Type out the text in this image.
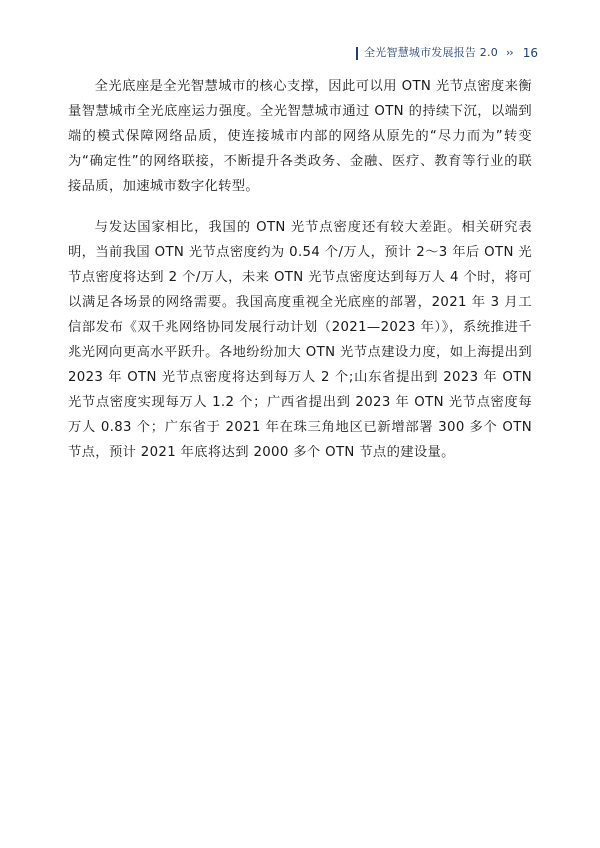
全光智慧城市发展报告 2.0 ›› 16

全光底座是全光智慧城市的核心支撑，因此可以用 OTN 光节点密度来衡量智慧城市全光底座运力强度。全光智慧城市通过 OTN 的持续下沉，以端到端的模式保障网络品质，使连接城市内部的网络从原先的“尽力而为”转变为“确定性”的网络联接，不断提升各类政务、金融、医疗、教育等行业的联接品质，加速城市数字化转型。

与发达国家相比，我国的 OTN 光节点密度还有较大差距。相关研究表明，当前我国 OTN 光节点密度约为 0.54 个/万人，预计 2～3 年后 OTN 光节点密度将达到 2 个/万人，未来 OTN 光节点密度达到每万人 4 个时，将可以满足各场景的网络需要。我国高度重视全光底座的部署，2021 年 3 月工信部发布《双千兆网络协同发展行动计划（2021—2023 年）》，系统推进千兆光网向更高水平跃升。各地纷纷加大 OTN 光节点建设力度，如上海提出到 2023 年 OTN 光节点密度将达到每万人 2 个;山东省提出到 2023 年 OTN 光节点密度实现每万人 1.2 个；广西省提出到 2023 年 OTN 光节点密度每万人 0.83 个；广东省于 2021 年在珠三角地区已新增部署 300 多个 OTN 节点，预计 2021 年底将达到 2000 多个 OTN 节点的建设量。
